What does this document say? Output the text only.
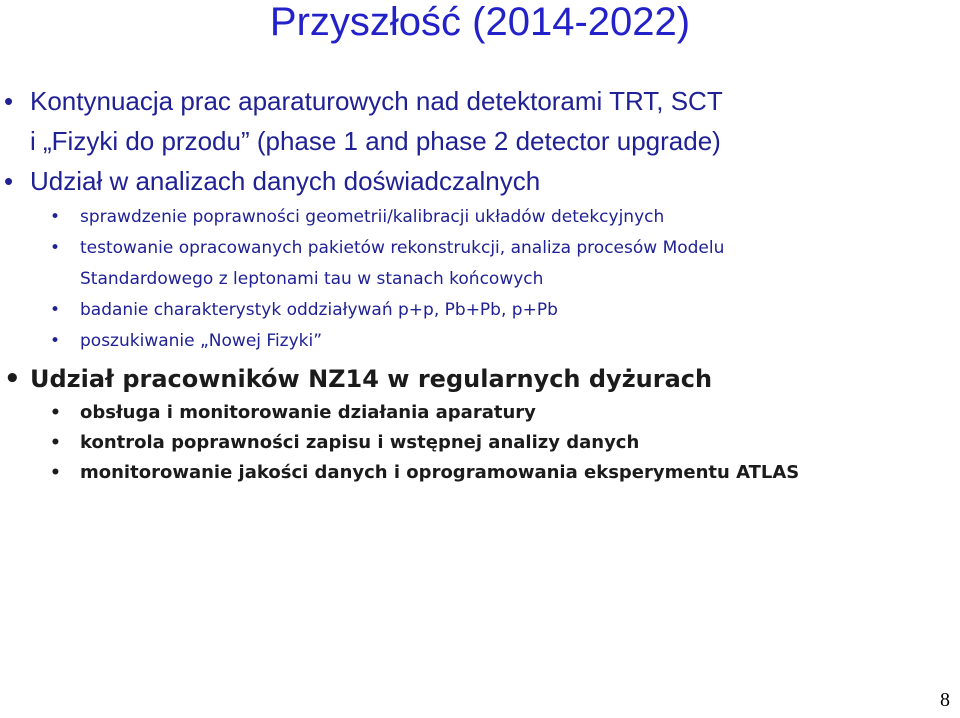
Przyszłość (2014-2022)
• Kontynuacja prac aparaturowych nad detektorami TRT, SCT
i „Fizyki do przodu” (phase 1 and phase 2 detector upgrade)
• Udział w analizach danych doświadczalnych
• sprawdzenie poprawności geometrii/kalibracji układów detekcyjnych
• testowanie opracowanych pakietów rekonstrukcji, analiza procesów Modelu
Standardowego z leptonami tau w stanach końcowych
• badanie charakterystyk oddziaływań p+p, Pb+Pb, p+Pb
• poszukiwanie „Nowej Fizyki”
• Udział pracowników NZ14 w regularnych dyżurach
• obsługa i monitorowanie działania aparatury
• kontrola poprawności zapisu i wstępnej analizy danych
• monitorowanie jakości danych i oprogramowania eksperymentu ATLAS
8
